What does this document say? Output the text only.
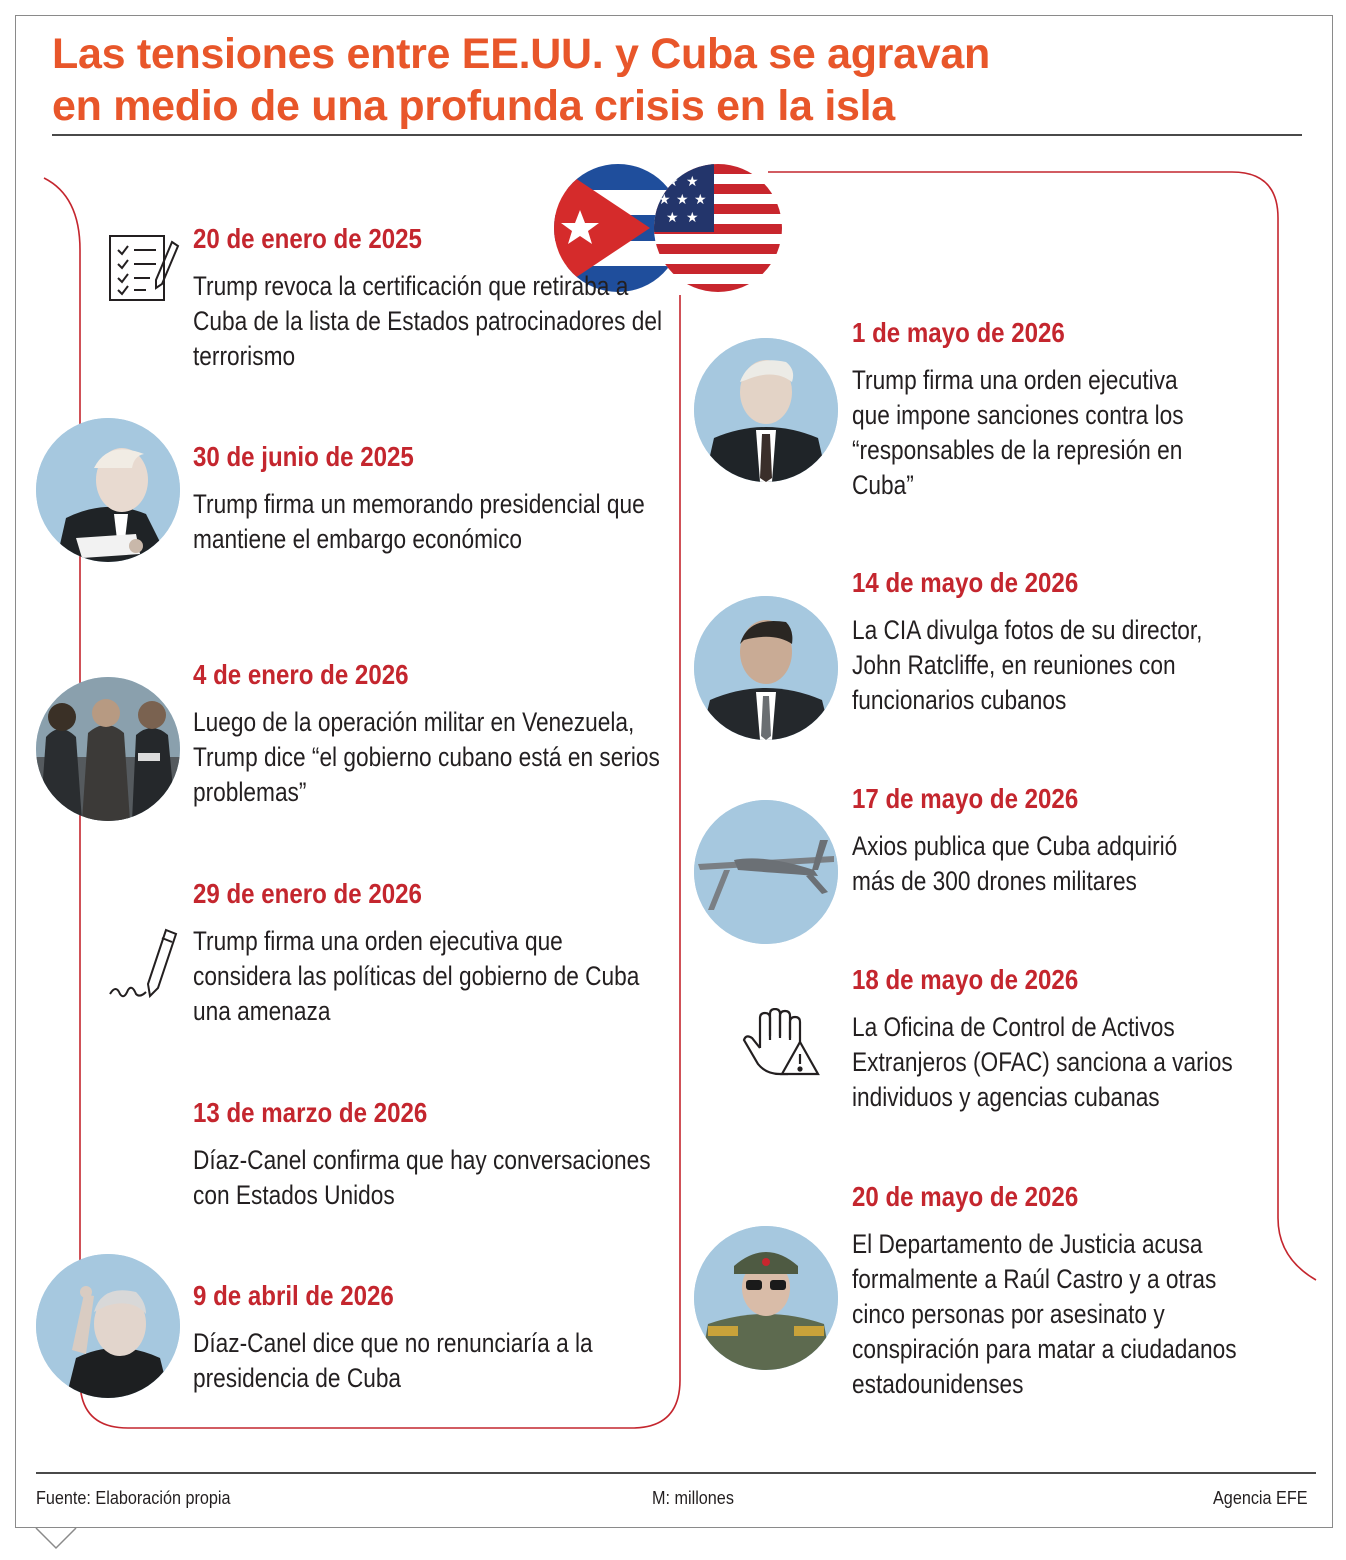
Las tensiones entre EE.UU. y Cuba se agravan
en medio de una profunda crisis en la isla
★ ★
★ ★ ★
★ ★
20 de enero de 2025
Trump revoca la certificación que retiraba a Cuba de la lista de Estados patrocinadores del terrorismo
30 de junio de 2025
Trump firma un memorando presidencial que mantiene el embargo económico
4 de enero de 2026
Luego de la operación militar en Venezuela, Trump dice “el gobierno cubano está en serios problemas”
29 de enero de 2026
Trump firma una orden ejecutiva que considera las políticas del gobierno de Cuba una amenaza
13 de marzo de 2026
Díaz-Canel confirma que hay conversaciones con Estados Unidos
9 de abril de 2026
Díaz-Canel dice que no renunciaría a la presidencia de Cuba
1 de mayo de 2026
Trump firma una orden ejecutiva que impone sanciones contra los “responsables de la represión en Cuba”
14 de mayo de 2026
La CIA divulga fotos de su director, John Ratcliffe, en reuniones con funcionarios cubanos
17 de mayo de 2026
Axios publica que Cuba adquirió más de 300 drones militares
18 de mayo de 2026
La Oficina de Control de Activos Extranjeros (OFAC) sanciona a varios individuos y agencias cubanas
20 de mayo de 2026
El Departamento de Justicia acusa formalmente a Raúl Castro y a otras cinco personas por asesinato y conspiración para matar a ciudadanos estadounidenses
Fuente: Elaboración propia	M: millones	Agencia EFE
